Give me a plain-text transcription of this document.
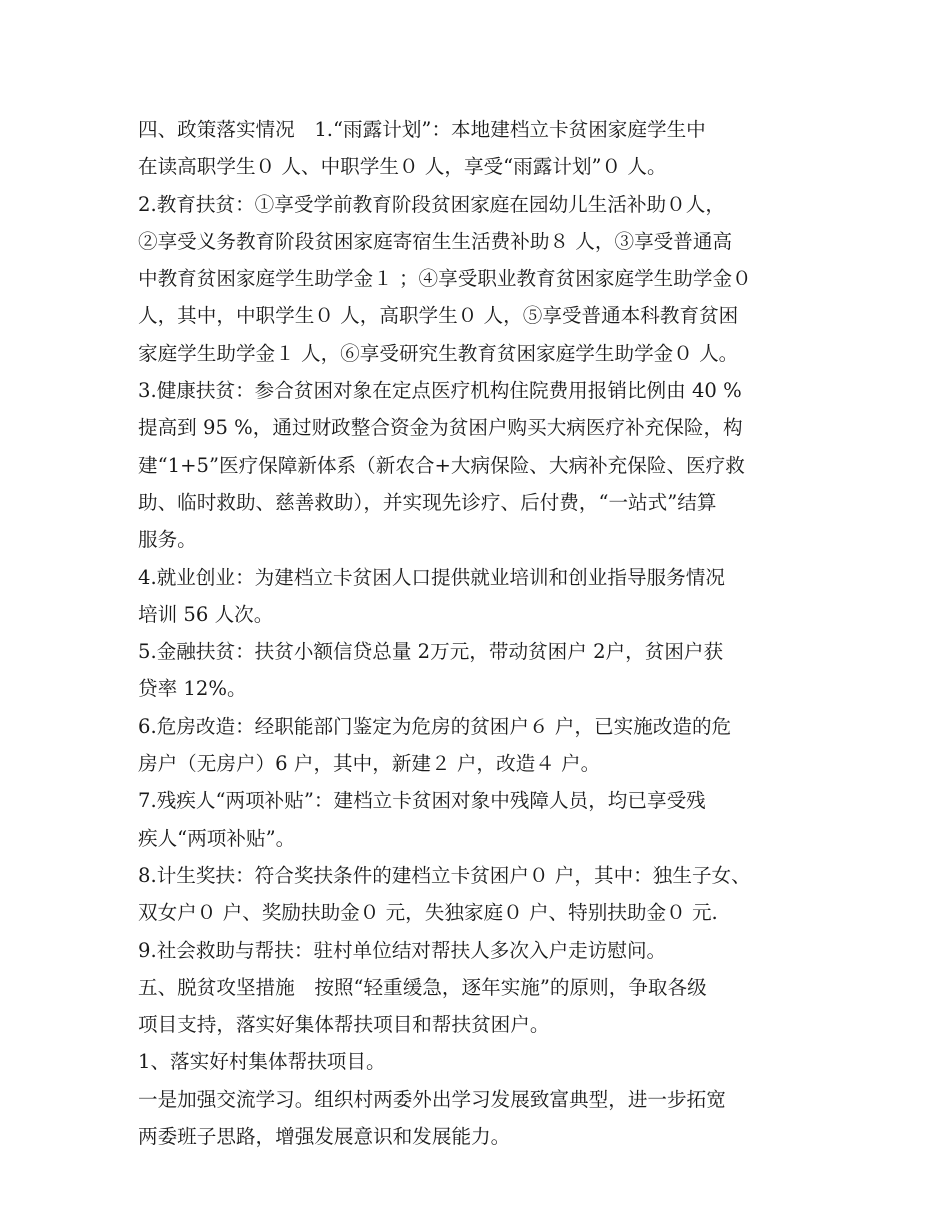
四、政策落实情况　1.“雨露计划”：本地建档立卡贫困家庭学生中
在读高职学生０ 人、中职学生０ 人，享受“雨露计划”０ 人。
2.教育扶贫：①享受学前教育阶段贫困家庭在园幼儿生活补助０人，
②享受义务教育阶段贫困家庭寄宿生生活费补助８ 人，③享受普通高
中教育贫困家庭学生助学金１ ；④享受职业教育贫困家庭学生助学金０
人，其中，中职学生０ 人，高职学生０ 人，⑤享受普通本科教育贫困
家庭学生助学金１ 人，⑥享受研究生教育贫困家庭学生助学金０ 人。
3.健康扶贫：参合贫困对象在定点医疗机构住院费用报销比例由 40 %
提高到 95 %，通过财政整合资金为贫困户购买大病医疗补充保险，构
建“1+5”医疗保障新体系（新农合+大病保险、大病补充保险、医疗救
助、临时救助、慈善救助），并实现先诊疗、后付费，“一站式”结算
服务。
4.就业创业：为建档立卡贫困人口提供就业培训和创业指导服务情况
培训 56 人次。
5.金融扶贫：扶贫小额信贷总量 2万元，带动贫困户 2户，贫困户获
贷率 12%。
6.危房改造：经职能部门鉴定为危房的贫困户６ 户，已实施改造的危
房户（无房户）6 户，其中，新建２ 户，改造４ 户。
7.残疾人“两项补贴”：建档立卡贫困对象中残障人员，均已享受残
疾人“两项补贴”。
8.计生奖扶：符合奖扶条件的建档立卡贫困户０ 户，其中：独生子女、
双女户０ 户、奖励扶助金０ 元，失独家庭０ 户、特别扶助金０ 元.
9.社会救助与帮扶：驻村单位结对帮扶人多次入户走访慰问。
五、脱贫攻坚措施　按照“轻重缓急，逐年实施”的原则，争取各级
项目支持，落实好集体帮扶项目和帮扶贫困户。
1、落实好村集体帮扶项目。
一是加强交流学习。组织村两委外出学习发展致富典型，进一步拓宽
两委班子思路，增强发展意识和发展能力。
